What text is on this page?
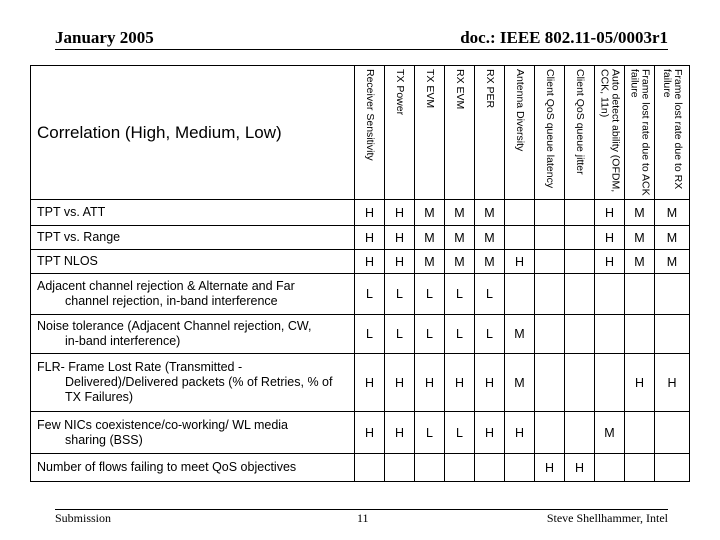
January 2005	doc.: IEEE 802.11-05/0003r1
Correlation (High, Medium, Low)	Receiver Sensitivity	TX Power	TX EVM	RX EVM	RX PER	Antenna Diversity	Client QoS queue latency	Client QoS queue jitter	Auto detect ability (OFDM, CCK, 11n)	Frame lost rate due to ACK failure	Frame lost rate due to RX failure

TPT vs. ATT	H	H	M	M	M				H	M	M

TPT vs. Range	H	H	M	M	M				H	M	M

TPT NLOS	H	H	M	M	M	H			H	M	M

Adjacent channel rejection & Alternate and Far
channel rejection, in-band interference	L	L	L	L	L						

Noise tolerance (Adjacent Channel rejection, CW,
in-band interference)	L	L	L	L	L	M					

FLR- Frame Lost Rate (Transmitted -
Delivered)/Delivered packets (% of Retries, % of TX Failures)	H	H	H	H	H	M				H	H

Few NICs coexistence/co-working/ WL media
sharing (BSS)	H	H	L	L	H	H			M		

Number of flows failing to meet QoS objectives							H	H			
Submission	11	Steve Shellhammer, Intel
